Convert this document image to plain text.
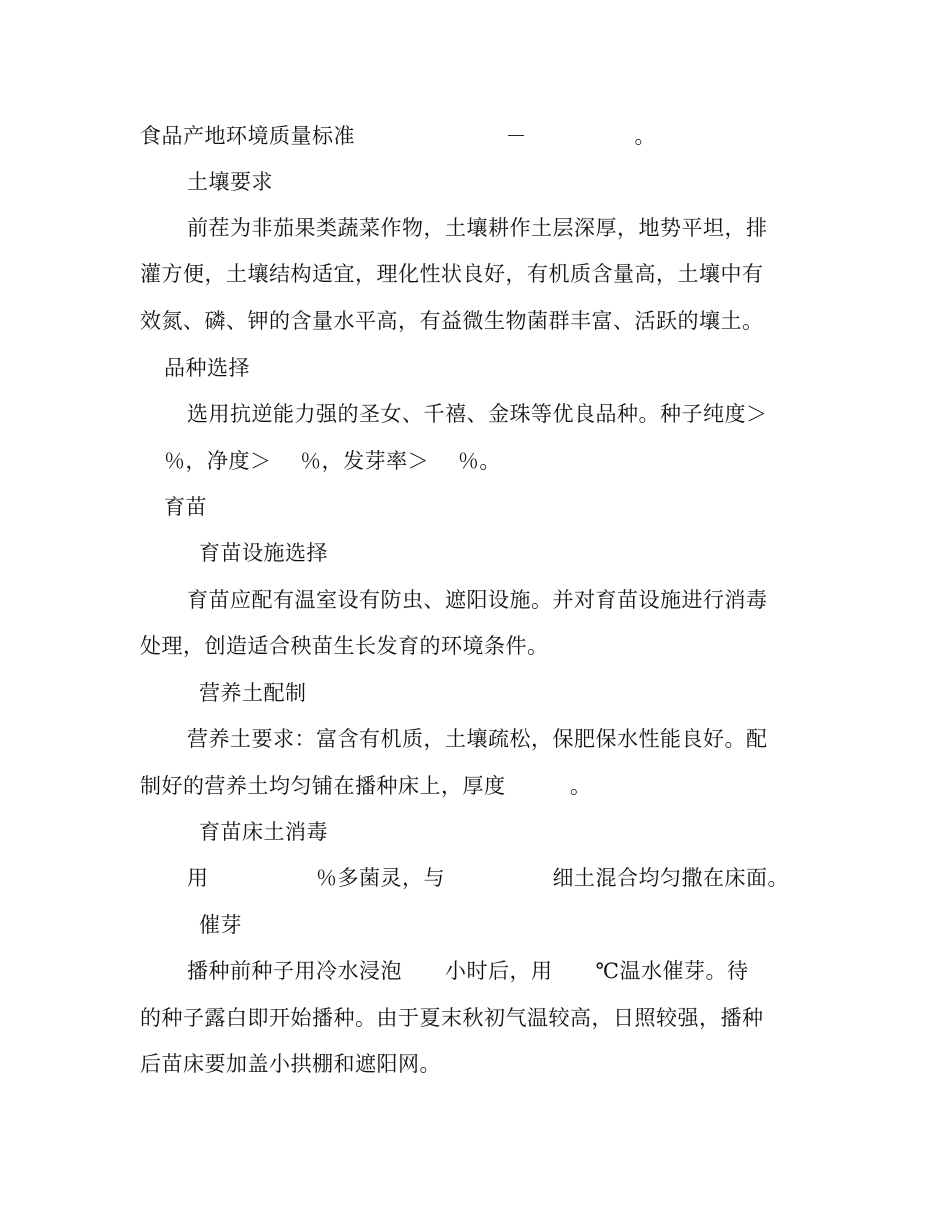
食品产地环境质量标准　　　　　　　－　　　　　。
土壤要求
前茬为非茄果类蔬菜作物，土壤耕作土层深厚，地势平坦，排
灌方便，土壤结构适宜，理化性状良好，有机质含量高，土壤中有
效氮、磷、钾的含量水平高，有益微生物菌群丰富、活跃的壤土。
品种选择
选用抗逆能力强的圣女、千禧、金珠等优良品种。种子纯度＞
％，净度＞　 ％，发芽率＞　 ％。
育苗
育苗设施选择
育苗应配有温室设有防虫、遮阳设施。并对育苗设施进行消毒
处理，创造适合秧苗生长发育的环境条件。
营养土配制
营养土要求：富含有机质，土壤疏松，保肥保水性能良好。配
制好的营养土均匀铺在播种床上，厚度　　　。
育苗床土消毒
用　　　　　％多菌灵，与　　　　　细土混合均匀撒在床面。
催芽
播种前种子用冷水浸泡　　小时后，用　　℃温水催芽。待
的种子露白即开始播种。由于夏末秋初气温较高，日照较强，播种
后苗床要加盖小拱棚和遮阳网。
